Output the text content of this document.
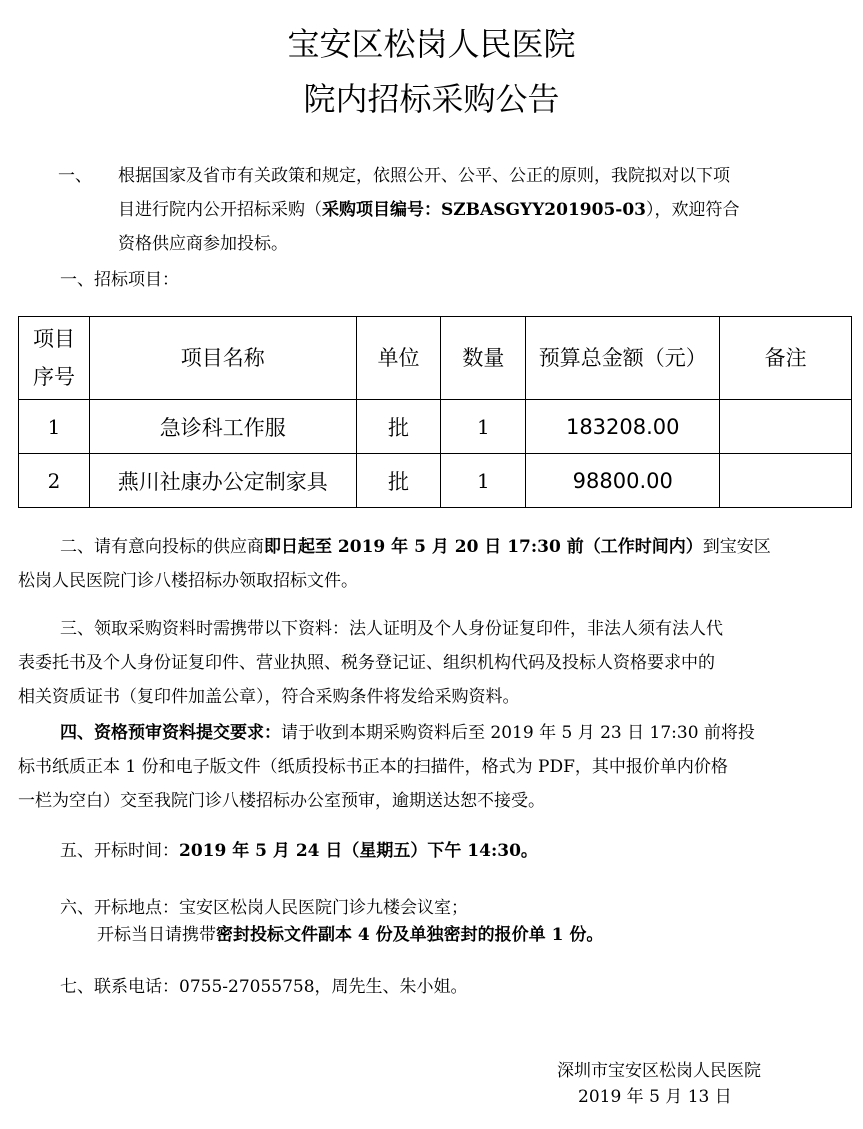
宝安区松岗人民医院
院内招标采购公告
一、 根据国家及省市有关政策和规定，依照公开、公平、公正的原则，我院拟对以下项
目进行院内公开招标采购（采购项目编号：SZBASGYY201905-03），欢迎符合
资格供应商参加投标。
一、招标项目：
项目序号	项目名称	单位	数量	预算总金额（元）	备注
1	急诊科工作服	批	1	183208.00	
2	燕川社康办公定制家具	批	1	98800.00	
二、请有意向投标的供应商即日起至 2019 年 5 月 20 日 17:30 前（工作时间内）到宝安区
松岗人民医院门诊八楼招标办领取招标文件。
三、领取采购资料时需携带以下资料：法人证明及个人身份证复印件，非法人须有法人代
表委托书及个人身份证复印件、营业执照、税务登记证、组织机构代码及投标人资格要求中的
相关资质证书（复印件加盖公章），符合采购条件将发给采购资料。
四、资格预审资料提交要求：请于收到本期采购资料后至 2019 年 5 月 23 日 17:30 前将投
标书纸质正本 1 份和电子版文件（纸质投标书正本的扫描件，格式为 PDF，其中报价单内价格
一栏为空白）交至我院门诊八楼招标办公室预审，逾期送达恕不接受。
五、开标时间：2019 年 5 月 24 日（星期五）下午 14:30。
六、开标地点：宝安区松岗人民医院门诊九楼会议室；
开标当日请携带密封投标文件副本 4 份及单独密封的报价单 1 份。
七、联系电话：0755-27055758，周先生、朱小姐。
深圳市宝安区松岗人民医院
2019 年 5 月 13 日
